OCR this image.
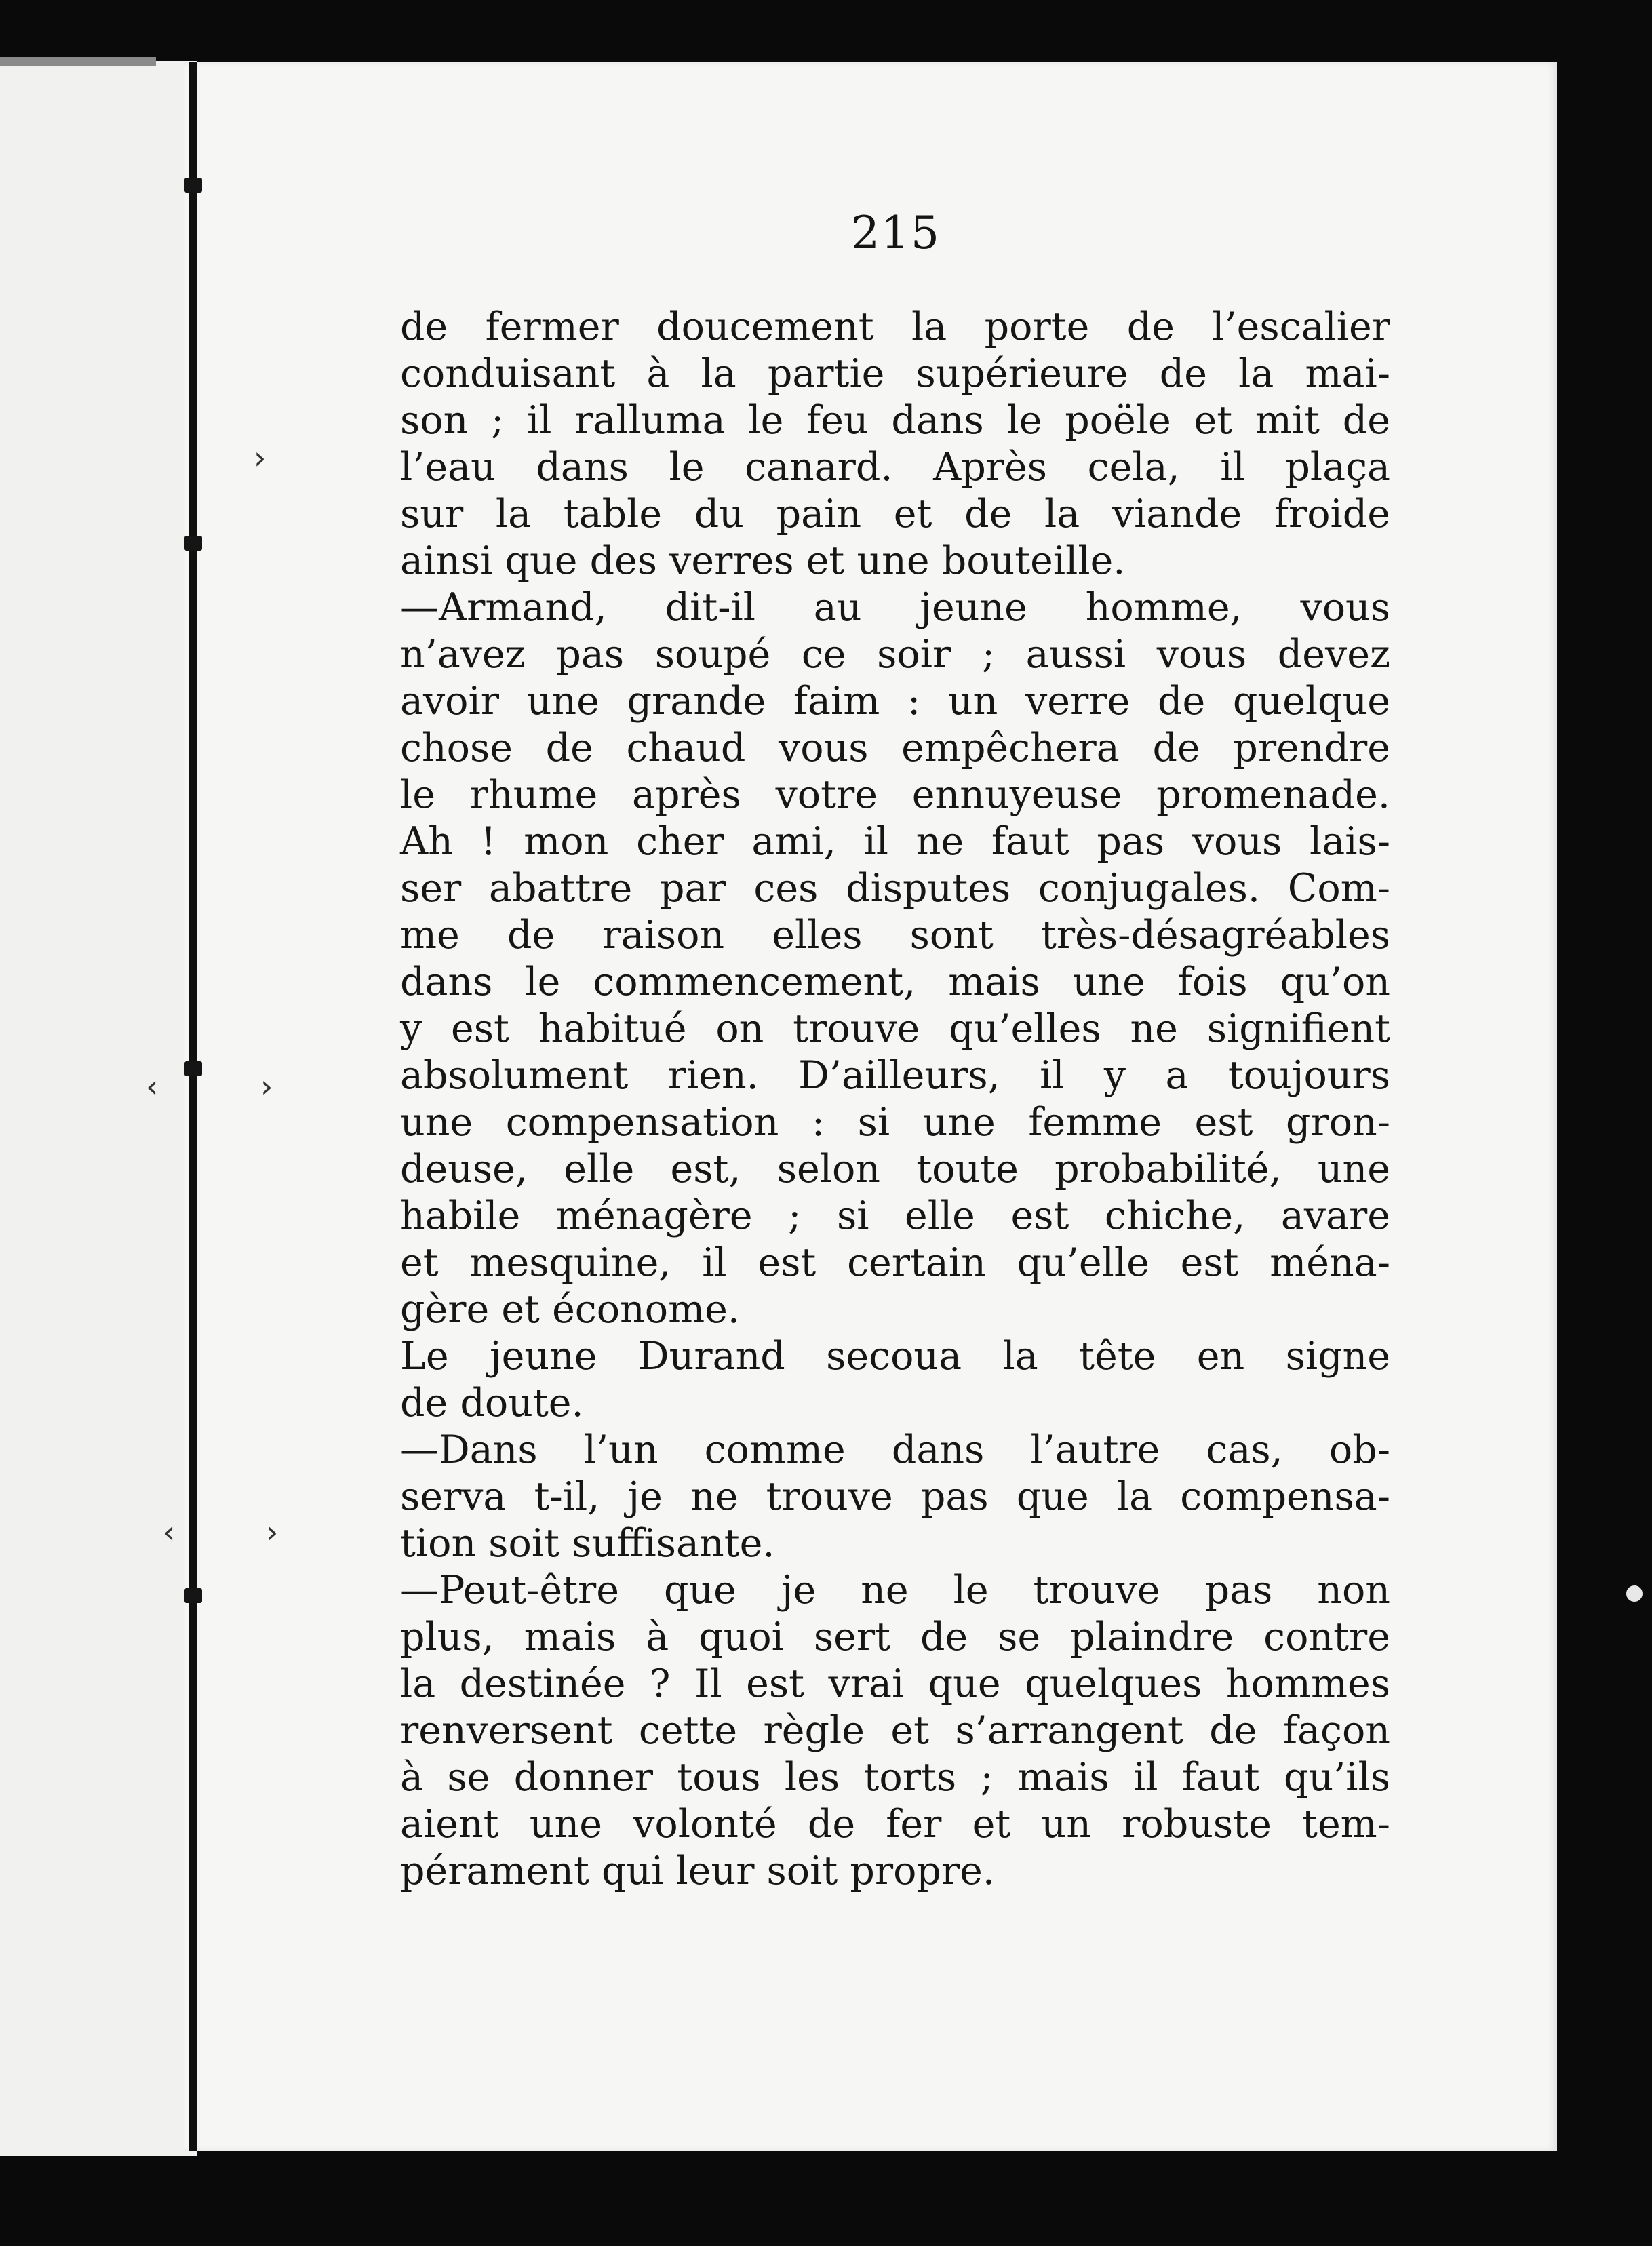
›
‹	›
‹	›
215
de fermer doucement la porte de l’escalier
conduisant à la partie supérieure de la mai-
son ; il ralluma le feu dans le poële et mit de
l’eau dans le canard. Après cela, il plaça
sur la table du pain et de la viande froide
ainsi que des verres et une bouteille.
—Armand, dit-il au jeune homme, vous
n’avez pas soupé ce soir ; aussi vous devez
avoir une grande faim : un verre de quelque
chose de chaud vous empêchera de prendre
le rhume après votre ennuyeuse promenade.
Ah ! mon cher ami, il ne faut pas vous lais-
ser abattre par ces disputes conjugales. Com-
me de raison elles sont très-désagréables
dans le commencement, mais une fois qu’on
y est habitué on trouve qu’elles ne signifient
absolument rien. D’ailleurs, il y a toujours
une compensation : si une femme est gron-
deuse, elle est, selon toute probabilité, une
habile ménagère ; si elle est chiche, avare
et mesquine, il est certain qu’elle est ména-
gère et économe.
Le jeune Durand secoua la tête en signe
de doute.
—Dans l’un comme dans l’autre cas, ob-
serva t-il, je ne trouve pas que la compensa-
tion soit suffisante.
—Peut-être que je ne le trouve pas non
plus, mais à quoi sert de se plaindre contre
la destinée ? Il est vrai que quelques hommes
renversent cette règle et s’arrangent de façon
à se donner tous les torts ; mais il faut qu’ils
aient une volonté de fer et un robuste tem-
pérament qui leur soit propre.
